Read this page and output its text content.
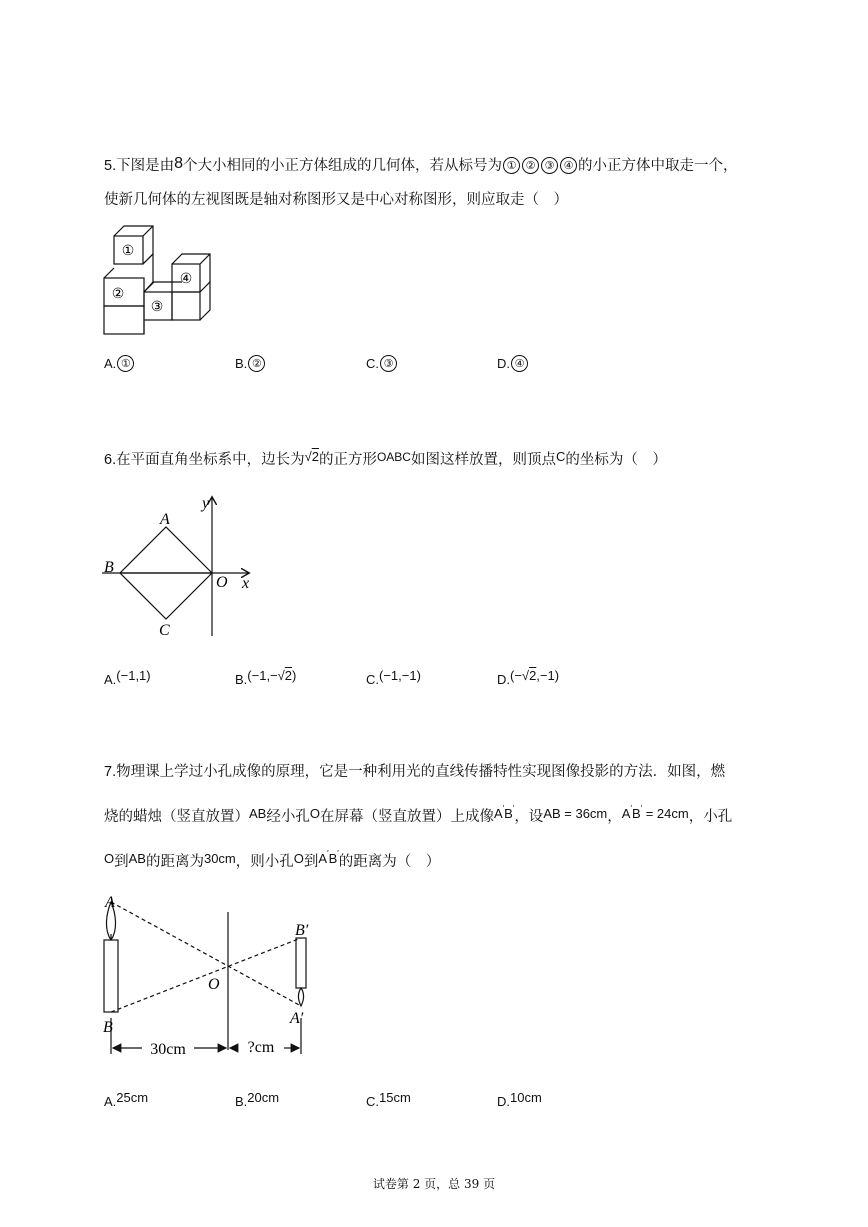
5.下图是由8个大小相同的小正方体组成的几何体，若从标号为 ① ② ③ ④ 的小正方体中取走一个，
使新几何体的左视图既是轴对称图形又是中心对称图形，则应取走（　）
①
②
③
④
A. ①	B. ②	C. ③	D. ④
6.在平面直角坐标系中，边长为√2的正方形$^{OABC}$如图这样放置，则顶点C的坐标为（　）
y
x
A
B
O
C
A.(−1,1)	B.(−1,−√2)	C.(−1,−1)	D.(−√2,−1)
7.物理课上学过小孔成像的原理，它是一种利用光的直线传播特性实现图像投影的方法．如图，燃
烧的蜡烛（竖直放置）AB经小孔O在屏幕（竖直放置）上成像A′B′，设AB = 36cm，A′B′ = 24cm，小孔
O到AB的距离为30cm，则小孔O到A′B′的距离为（　）
A
B
O
B′
A′
30cm	?cm
A.25cm	B.20cm	C.15cm	D.10cm
试卷第 2 页，总 39 页
